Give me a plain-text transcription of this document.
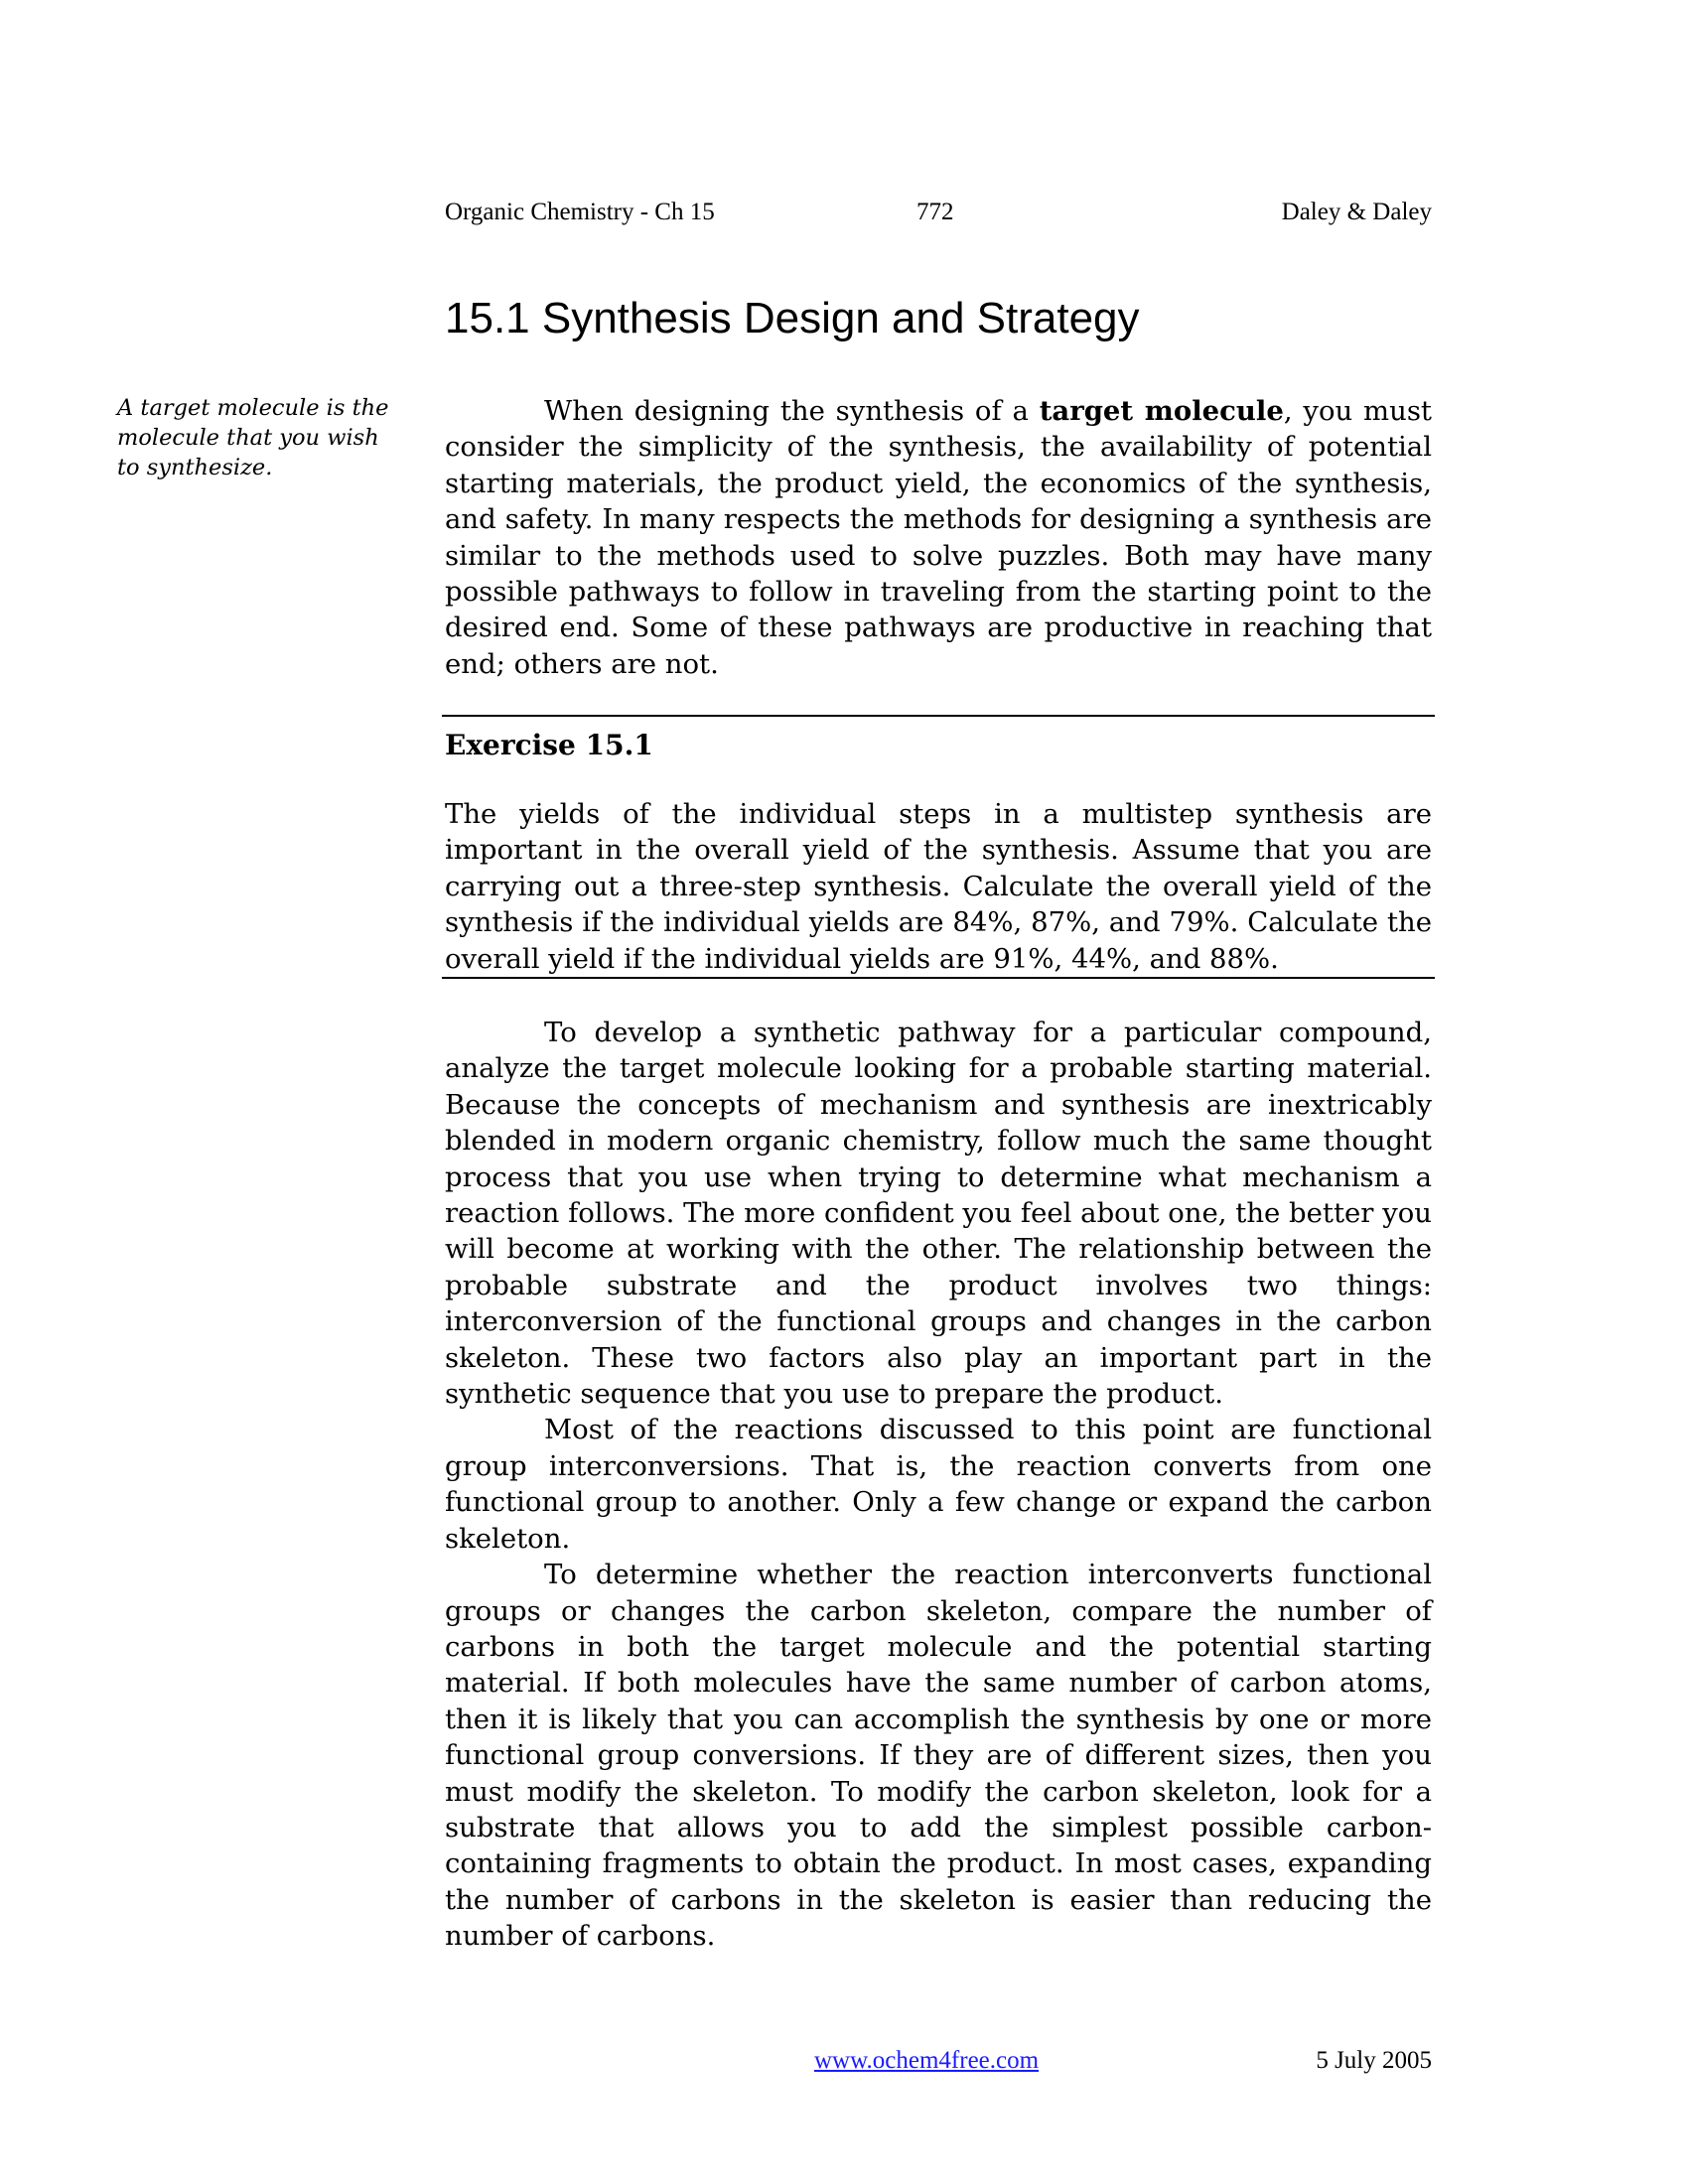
Organic Chemistry - Ch 15	772	Daley & Daley
15.1 Synthesis Design and Strategy
A target molecule is the molecule that you wish to synthesize.

When designing the synthesis of a target molecule, you must consider the simplicity of the synthesis, the availability of potential starting materials, the product yield, the economics of the synthesis, and safety. In many respects the methods for designing a synthesis are similar to the methods used to solve puzzles. Both may have many possible pathways to follow in traveling from the starting point to the desired end. Some of these pathways are productive in reaching that end; others are not.

Exercise 15.1

The yields of the individual steps in a multistep synthesis are important in the overall yield of the synthesis. Assume that you are carrying out a three-step synthesis. Calculate the overall yield of the synthesis if the individual yields are 84%, 87%, and 79%. Calculate the overall yield if the individual yields are 91%, 44%, and 88%.

To develop a synthetic pathway for a particular compound, analyze the target molecule looking for a probable starting material. Because the concepts of mechanism and synthesis are inextricably blended in modern organic chemistry, follow much the same thought process that you use when trying to determine what mechanism a reaction follows. The more confident you feel about one, the better you will become at working with the other. The relationship between the probable substrate and the product involves two things: interconversion of the functional groups and changes in the carbon skeleton. These two factors also play an important part in the synthetic sequence that you use to prepare the product.

Most of the reactions discussed to this point are functional group interconversions. That is, the reaction converts from one functional group to another. Only a few change or expand the carbon skeleton.

To determine whether the reaction interconverts functional groups or changes the carbon skeleton, compare the number of carbons in both the target molecule and the potential starting material. If both molecules have the same number of carbon atoms, then it is likely that you can accomplish the synthesis by one or more functional group conversions. If they are of different sizes, then you must modify the skeleton. To modify the carbon skeleton, look for a substrate that allows you to add the simplest possible carbon-containing fragments to obtain the product. In most cases, expanding the number of carbons in the skeleton is easier than reducing the number of carbons.

www.ochem4free.com	5 July 2005
